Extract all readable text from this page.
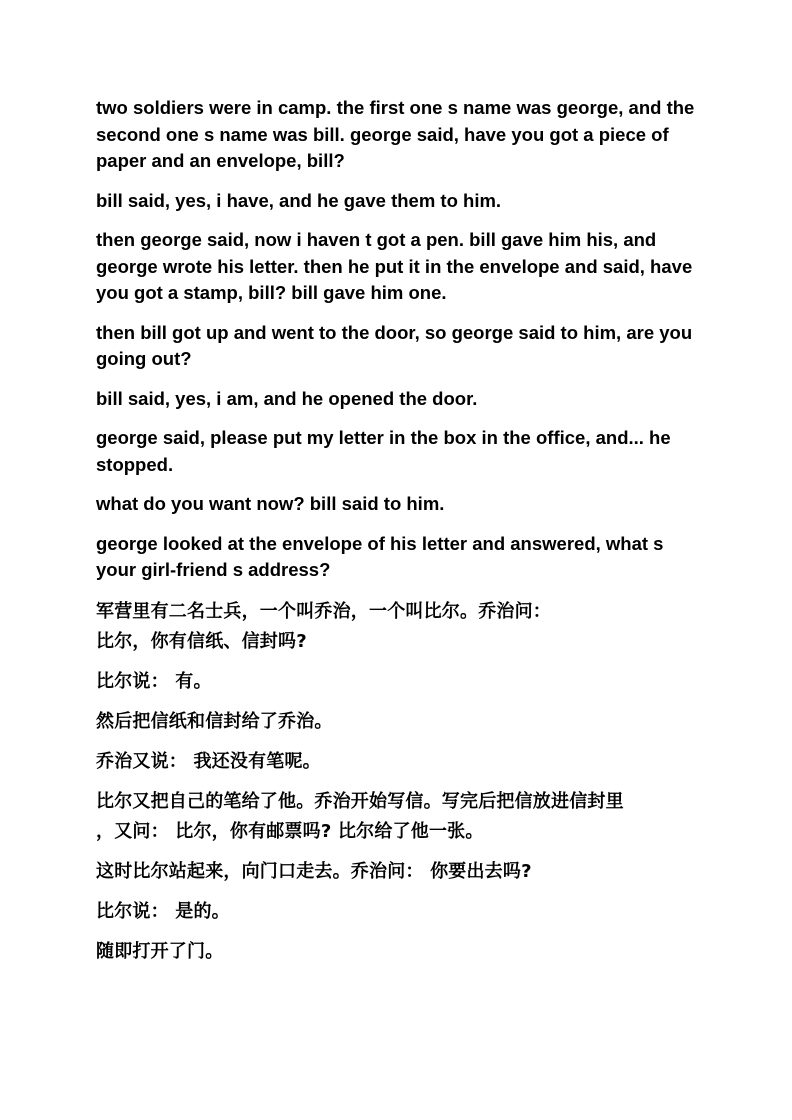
two soldiers were in camp. the first one s name was george, and the second one s name was bill. george said, have you got a piece of paper and an envelope, bill?

bill said, yes, i have, and he gave them to him.

then george said, now i haven t got a pen. bill gave him his, and george wrote his letter. then he put it in the envelope and said, have you got a stamp, bill? bill gave him one.

then bill got up and went to the door, so george said to him, are you going out?

bill said, yes, i am, and he opened the door.

george said, please put my letter in the box in the office, and... he stopped.

what do you want now? bill said to him.

george looked at the envelope of his letter and answered, what s your girl-friend s address?

军营里有二名士兵，一个叫乔治，一个叫比尔。乔治问：
比尔，你有信纸、信封吗?
比尔说： 有。
然后把信纸和信封给了乔治。
乔治又说： 我还没有笔呢。
比尔又把自己的笔给了他。乔治开始写信。写完后把信放进信封里
，又问： 比尔，你有邮票吗? 比尔给了他一张。
这时比尔站起来，向门口走去。乔治问： 你要出去吗?
比尔说： 是的。
随即打开了门。
